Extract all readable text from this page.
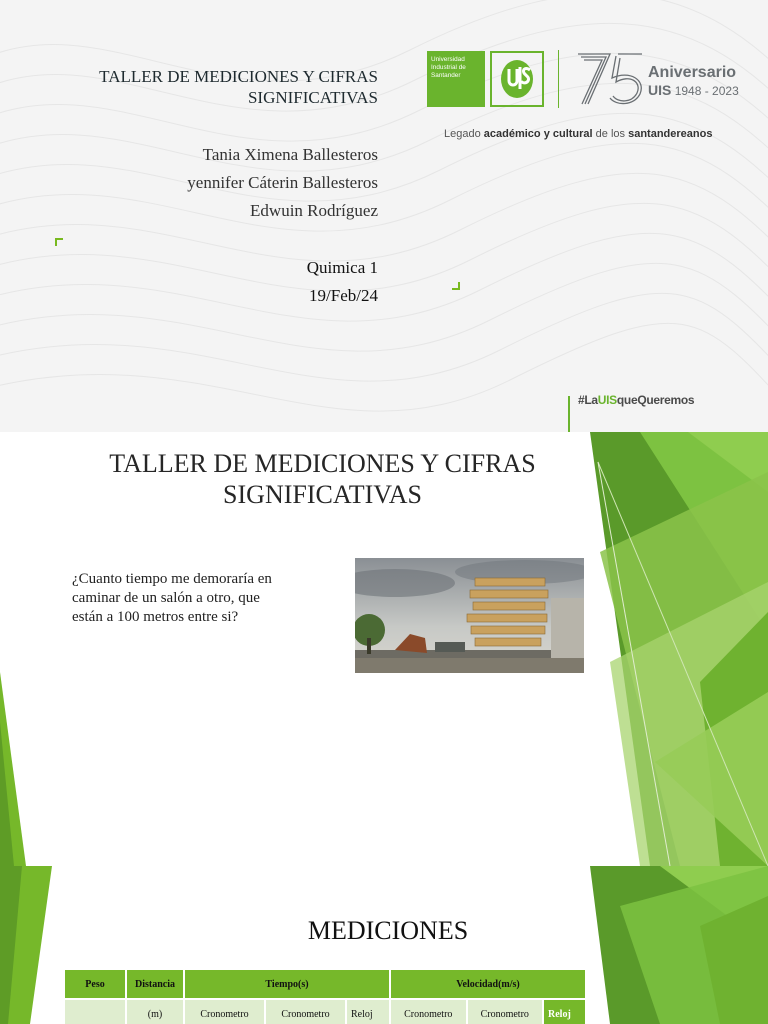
TALLER DE MEDICIONES Y CIFRAS SIGNIFICATIVAS
Tania Ximena Ballesteros
yennifer Cáterin Ballesteros
Edwuin Rodríguez
Quimica 1
19/Feb/24
Universidad
Industrial de
Santander	Aniversario
UIS 1948 - 2023
Legado académico y cultural de los santandereanos
#LaUISqueQueremos
TALLER DE MEDICIONES Y CIFRAS SIGNIFICATIVAS
¿Cuanto tiempo me demoraría en caminar de un salón a otro, que están a 100 metros entre si?
MEDICIONES
Peso	Distancia	Tiempo(s)			Velocidad(m/s)		
	(m)	Cronometro	Cronometro	Reloj	Cronometro	Cronometro	Reloj
